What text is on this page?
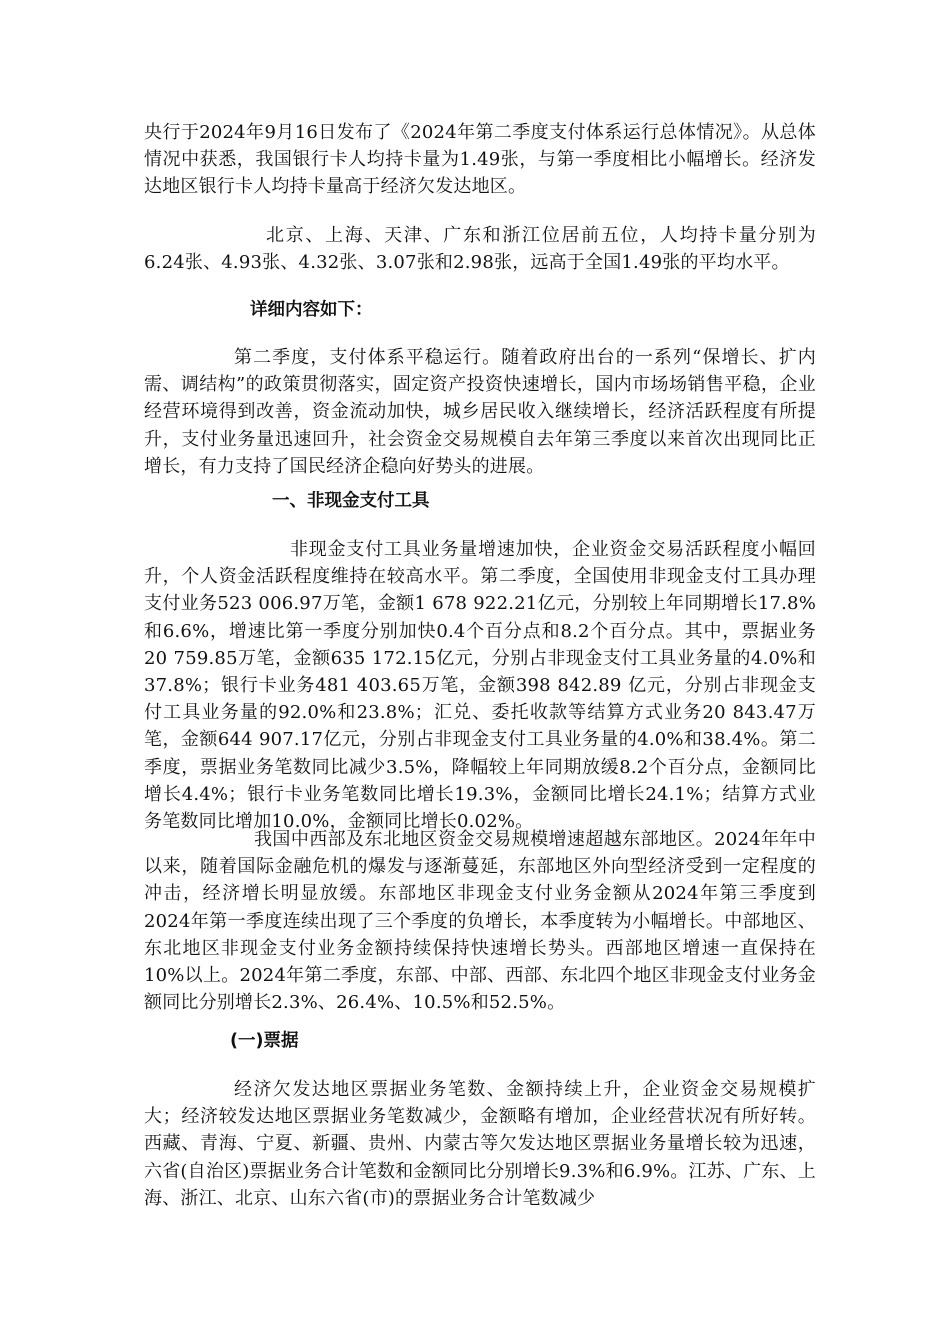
央行于2024年9月16日发布了《2024年第二季度支付体系运行总体情况》。从总体情况中获悉，我国银行卡人均持卡量为1.49张，与第一季度相比小幅增长。经济发达地区银行卡人均持卡量高于经济欠发达地区。

北京、上海、天津、广东和浙江位居前五位，人均持卡量分别为6.24张、4.93张、4.32张、3.07张和2.98张，远高于全国1.49张的平均水平。

详细内容如下：

第二季度，支付体系平稳运行。随着政府出台的一系列“保增长、扩内需、调结构”的政策贯彻落实，固定资产投资快速增长，国内市场场销售平稳，企业经营环境得到改善，资金流动加快，城乡居民收入继续增长，经济活跃程度有所提升，支付业务量迅速回升，社会资金交易规模自去年第三季度以来首次出现同比正增长，有力支持了国民经济企稳向好势头的进展。

一、非现金支付工具

非现金支付工具业务量增速加快，企业资金交易活跃程度小幅回升，个人资金活跃程度维持在较高水平。第二季度，全国使用非现金支付工具办理支付业务523 006.97万笔，金额1 678 922.21亿元，分别较上年同期增长17.8%和6.6%，增速比第一季度分别加快0.4个百分点和8.2个百分点。其中，票据业务20 759.85万笔，金额635 172.15亿元，分别占非现金支付工具业务量的4.0%和37.8%；银行卡业务481 403.65万笔，金额398 842.89 亿元，分别占非现金支付工具业务量的92.0%和23.8%；汇兑、委托收款等结算方式业务20 843.47万笔，金额644 907.17亿元，分别占非现金支付工具业务量的4.0%和38.4%。第二季度，票据业务笔数同比减少3.5%，降幅较上年同期放缓8.2个百分点，金额同比增长4.4%；银行卡业务笔数同比增长19.3%，金额同比增长24.1%；结算方式业务笔数同比增加10.0%，金额同比增长0.02%。

我国中西部及东北地区资金交易规模增速超越东部地区。2024年年中以来，随着国际金融危机的爆发与逐渐蔓延，东部地区外向型经济受到一定程度的冲击，经济增长明显放缓。东部地区非现金支付业务金额从2024年第三季度到2024年第一季度连续出现了三个季度的负增长，本季度转为小幅增长。中部地区、东北地区非现金支付业务金额持续保持快速增长势头。西部地区增速一直保持在10%以上。2024年第二季度，东部、中部、西部、东北四个地区非现金支付业务金额同比分别增长2.3%、26.4%、10.5%和52.5%。

(一)票据

经济欠发达地区票据业务笔数、金额持续上升，企业资金交易规模扩大；经济较发达地区票据业务笔数减少，金额略有增加，企业经营状况有所好转。西藏、青海、宁夏、新疆、贵州、内蒙古等欠发达地区票据业务量增长较为迅速，六省(自治区)票据业务合计笔数和金额同比分别增长9.3%和6.9%。江苏、广东、上海、浙江、北京、山东六省(市)的票据业务合计笔数减少
